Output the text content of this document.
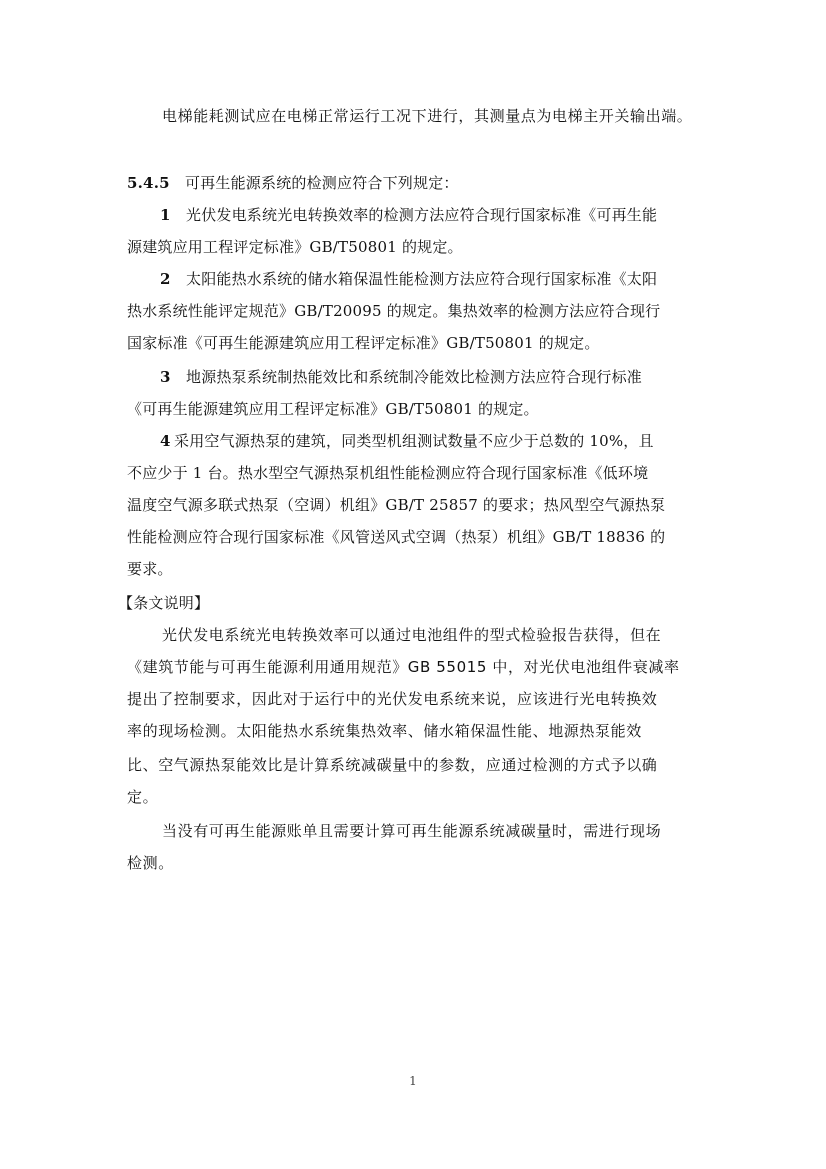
电梯能耗测试应在电梯正常运行工况下进行，其测量点为电梯主开关输出端。
5.4.5 可再生能源系统的检测应符合下列规定：
1 光伏发电系统光电转换效率的检测方法应符合现行国家标准《可再生能
源建筑应用工程评定标准》GB/T50801 的规定。
2 太阳能热水系统的储水箱保温性能检测方法应符合现行国家标准《太阳
热水系统性能评定规范》GB/T20095 的规定。集热效率的检测方法应符合现行
国家标准《可再生能源建筑应用工程评定标准》GB/T50801 的规定。
3 地源热泵系统制热能效比和系统制冷能效比检测方法应符合现行标准
《可再生能源建筑应用工程评定标准》GB/T50801 的规定。
4 采用空气源热泵的建筑，同类型机组测试数量不应少于总数的 10%，且
不应少于 1 台。热水型空气源热泵机组性能检测应符合现行国家标准《低环境
温度空气源多联式热泵（空调）机组》GB/T 25857 的要求；热风型空气源热泵
性能检测应符合现行国家标准《风管送风式空调（热泵）机组》GB/T 18836 的
要求。
【条文说明】
光伏发电系统光电转换效率可以通过电池组件的型式检验报告获得，但在
《建筑节能与可再生能源利用通用规范》GB 55015 中，对光伏电池组件衰减率
提出了控制要求，因此对于运行中的光伏发电系统来说，应该进行光电转换效
率的现场检测。太阳能热水系统集热效率、储水箱保温性能、地源热泵能效
比、空气源热泵能效比是计算系统减碳量中的参数，应通过检测的方式予以确
定。
当没有可再生能源账单且需要计算可再生能源系统减碳量时，需进行现场
检测。
1
